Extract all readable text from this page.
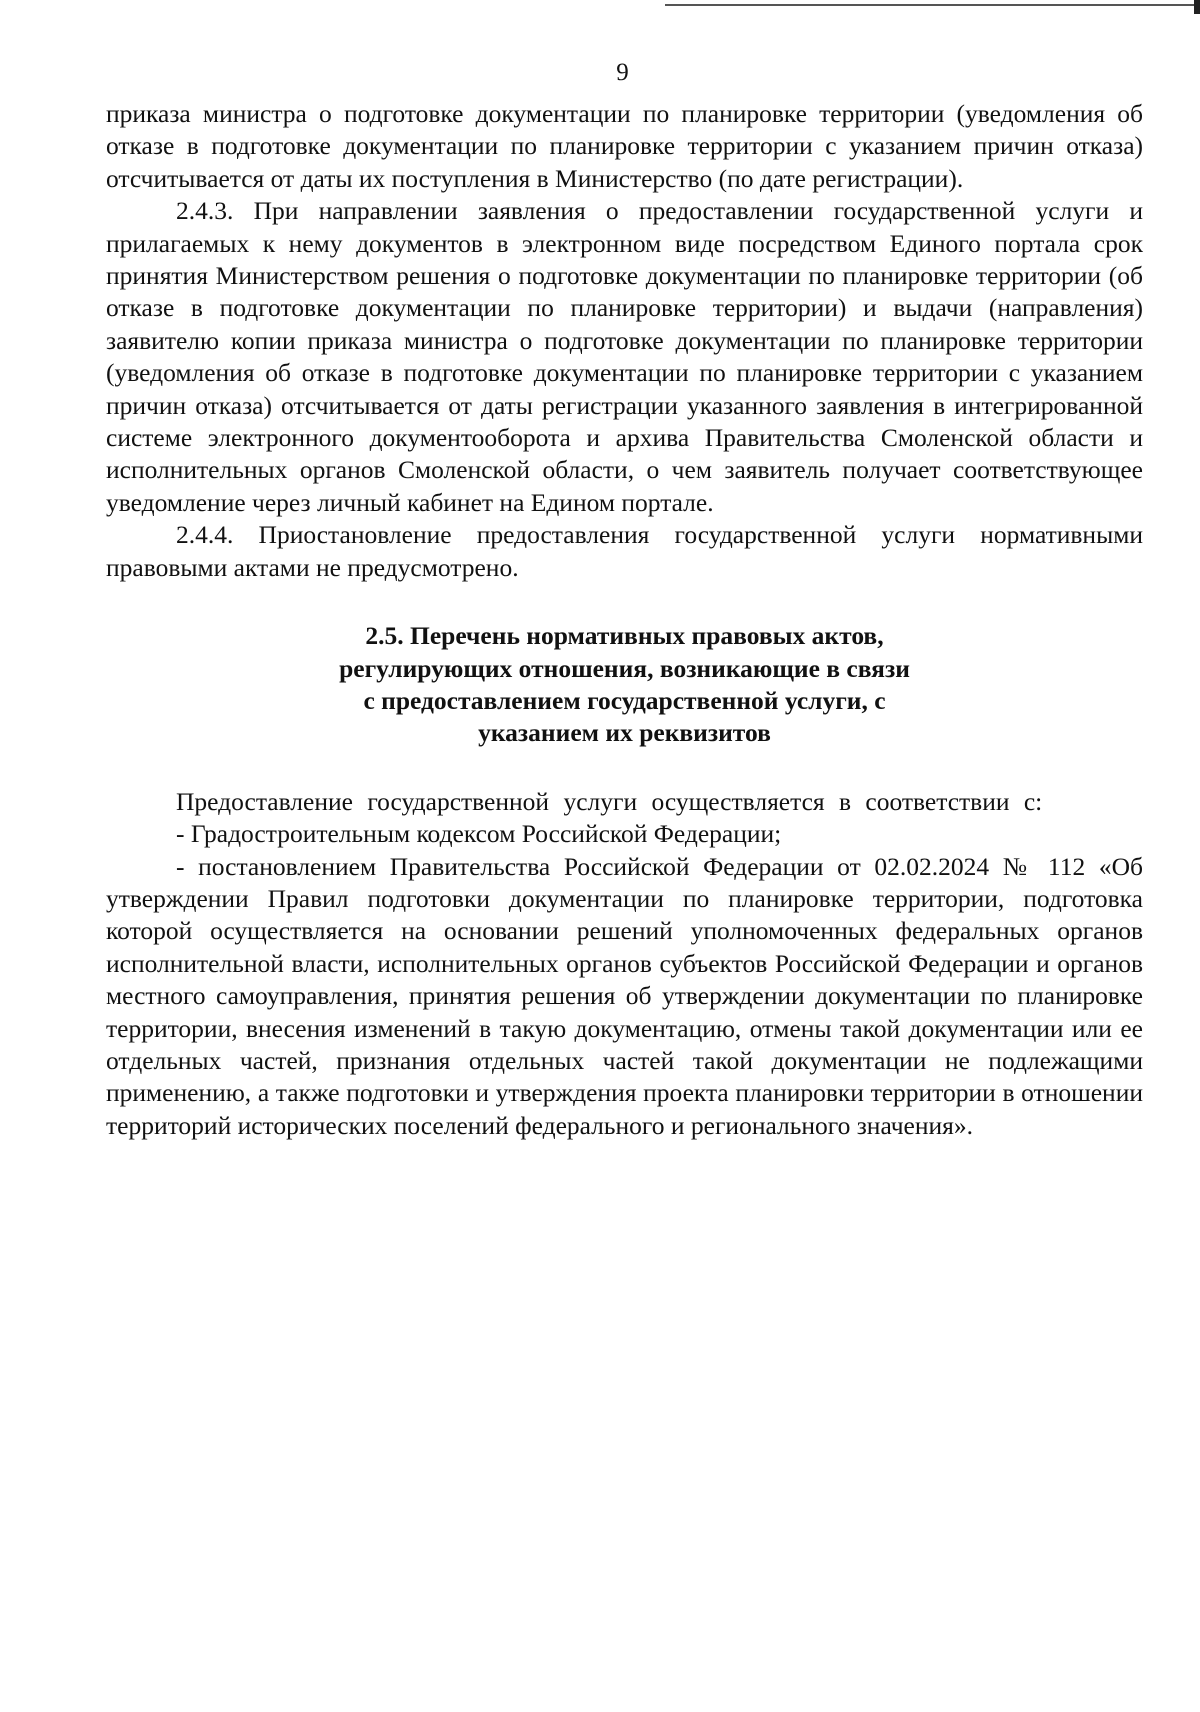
9

приказа министра о подготовке документации по планировке территории (уведомления об отказе в подготовке документации по планировке территории с указанием причин отказа) отсчитывается от даты их поступления в Министерство (по дате регистрации).

2.4.3. При направлении заявления о предоставлении государственной услуги и прилагаемых к нему документов в электронном виде посредством Единого портала срок принятия Министерством решения о подготовке документации по планировке территории (об отказе в подготовке документации по планировке территории) и выдачи (направления) заявителю копии приказа министра о подготовке документации по планировке территории (уведомления об отказе в подготовке документации по планировке территории с указанием причин отказа) отсчитывается от даты регистрации указанного заявления в интегрированной системе электронного документооборота и архива Правительства Смоленской области и исполнительных органов Смоленской области, о чем заявитель получает соответствующее уведомление через личный кабинет на Едином портале.

2.4.4. Приостановление предоставления государственной услуги нормативными правовыми актами не предусмотрено.

2.5. Перечень нормативных правовых актов,
регулирующих отношения, возникающие в связи
с предоставлением государственной услуги, с
указанием их реквизитов

Предоставление государственной услуги осуществляется в соответствии с:

- Градостроительным кодексом Российской Федерации;

- постановлением Правительства Российской Федерации от 02.02.2024 № 112 «Об утверждении Правил подготовки документации по планировке территории, подготовка которой осуществляется на основании решений уполномоченных федеральных органов исполнительной власти, исполнительных органов субъектов Российской Федерации и органов местного самоуправления, принятия решения об утверждении документации по планировке территории, внесения изменений в такую документацию, отмены такой документации или ее отдельных частей, признания отдельных частей такой документации не подлежащими применению, а также подготовки и утверждения проекта планировки территории в отношении территорий исторических поселений федерального и регионального значения».
